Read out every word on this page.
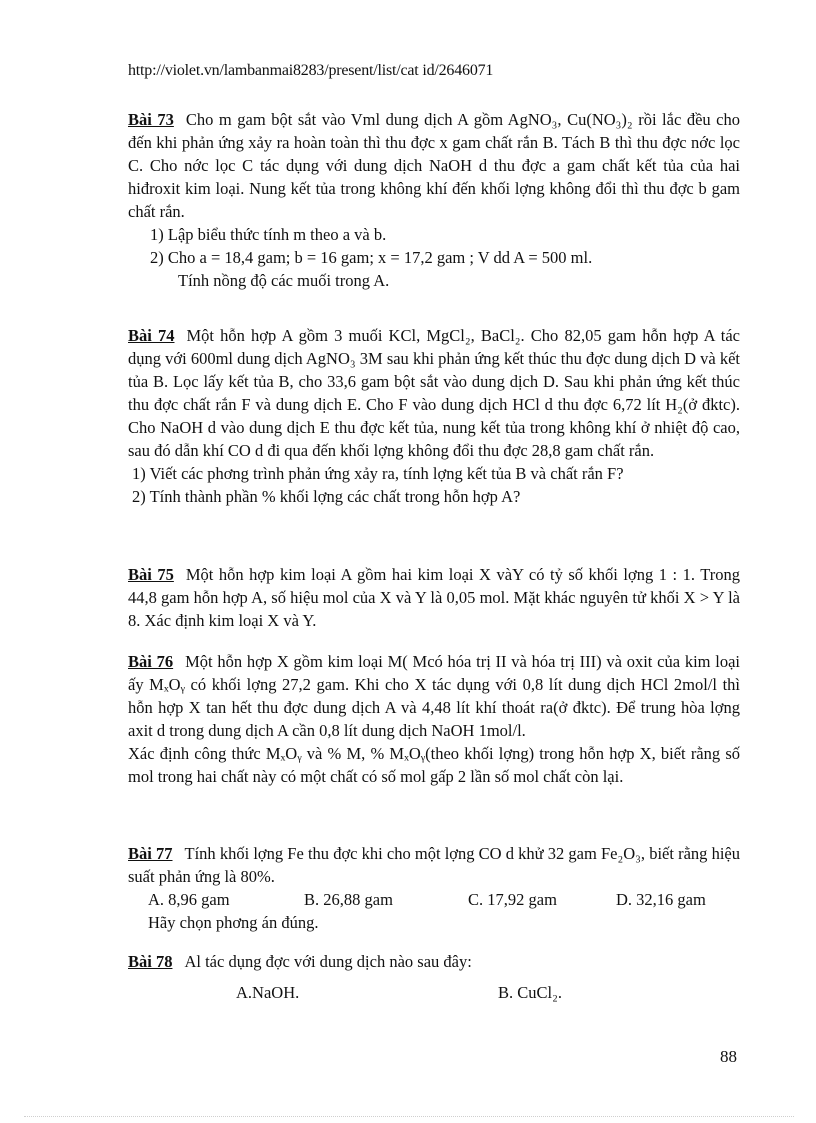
http://violet.vn/lambanmai8283/present/list/cat id/2646071

Bài 73 Cho m gam bột sắt vào Vml dung dịch A gồm AgNO₃, Cu(NO₃)₂ rồi lắc đều cho đến khi phản ứng xảy ra hoàn toàn thì thu đợc x gam chất rắn B. Tách B thì thu đợc nớc lọc C. Cho nớc lọc C tác dụng với dung dịch NaOH d thu đợc a gam chất kết tủa của hai hiđroxit kim loại. Nung kết tủa trong không khí đến khối lợng không đổi thì thu đợc b gam chất rắn.

1) Lập biểu thức tính m theo a và b.

2) Cho a = 18,4 gam; b = 16 gam; x = 17,2 gam ; V dd A = 500 ml.

Tính nồng độ các muối trong A.

Bài 74 Một hỗn hợp A gồm 3 muối KCl, MgCl₂, BaCl₂. Cho 82,05 gam hỗn hợp A tác dụng với 600ml dung dịch AgNO₃ 3M sau khi phản ứng kết thúc thu đợc dung dịch D và kết tủa B. Lọc lấy kết tủa B, cho 33,6 gam bột sắt vào dung dịch D. Sau khi phản ứng kết thúc thu đợc chất rắn F và dung dịch E. Cho F vào dung dịch HCl d thu đợc 6,72 lít H₂(ở đktc). Cho NaOH d vào dung dịch E thu đợc kết tủa, nung kết tủa trong không khí ở nhiệt độ cao, sau đó dẫn khí CO d đi qua đến khối lợng không đổi thu đợc 28,8 gam chất rắn.

1) Viết các phơng trình phản ứng xảy ra, tính lợng kết tủa B và chất rắn F?

2) Tính thành phần % khối lợng các chất trong hỗn hợp A?

Bài 75 Một hỗn hợp kim loại A gồm hai kim loại X vàY có tỷ số khối lợng 1 : 1. Trong 44,8 gam hỗn hợp A, số hiệu mol của X và Y là 0,05 mol. Mặt khác nguyên tử khối X > Y là 8. Xác định kim loại X và Y.

Bài 76 Một hỗn hợp X gồm kim loại M( Mcó hóa trị II và hóa trị III) và oxit của kim loại ấy MₓOᵧ có khối lợng 27,2 gam. Khi cho X tác dụng với 0,8 lít dung dịch HCl 2mol/l thì hỗn hợp X tan hết thu đợc dung dịch A và 4,48 lít khí thoát ra(ở đktc). Để trung hòa lợng axit d trong dung dịch A cần 0,8 lít dung dịch NaOH 1mol/l.

Xác định công thức MₓOᵧ và % M, % MₓOᵧ(theo khối lợng) trong hỗn hợp X, biết rằng số mol trong hai chất này có một chất có số mol gấp 2 lần số mol chất còn lại.

Bài 77 Tính khối lợng Fe thu đợc khi cho một lợng CO d khử 32 gam Fe₂O₃, biết rằng hiệu suất phản ứng là 80%.

A. 8,96 gam	B. 26,88 gam	C. 17,92 gam	D. 32,16 gam

Hãy chọn phơng án đúng.

Bài 78 Al tác dụng đợc với dung dịch nào sau đây:

A.NaOH.	B. CuCl₂.
88
